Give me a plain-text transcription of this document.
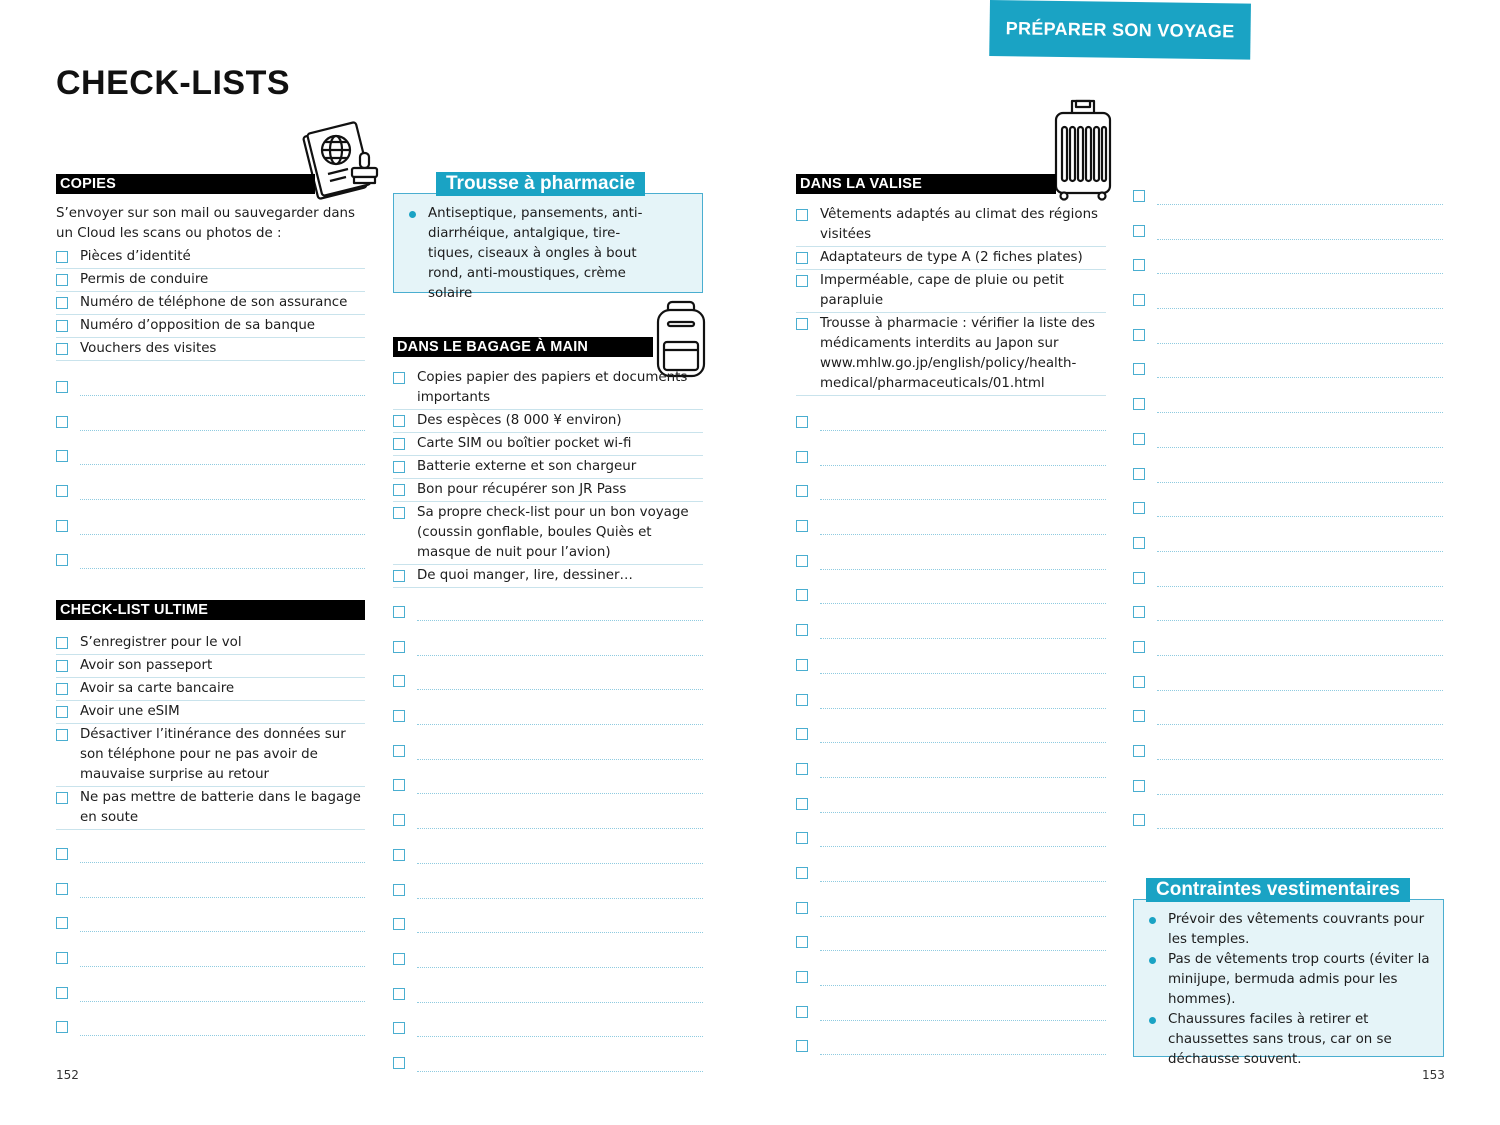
PRÉPARER SON VOYAGE
CHECK-LISTS
COPIES
S’envoyer sur son mail ou sauvegarder dans un Cloud les scans ou photos de :
Pièces d’identité
Permis de conduire
Numéro de téléphone de son assurance
Numéro d’opposition de sa banque
Vouchers des visites
CHECK-LIST ULTIME
S’enregistrer pour le vol
Avoir son passeport
Avoir sa carte bancaire
Avoir une eSIM
Désactiver l’itinérance des données sur son téléphone pour ne pas avoir de mauvaise surprise au retour
Ne pas mettre de batterie dans le bagage en soute
Trousse à pharmacie
Antiseptique, pansements, anti-diarrhéique, antalgique, tire-tiques, ciseaux à ongles à bout rond, anti-moustiques, crème solaire
DANS LE BAGAGE À MAIN
Copies papier des papiers et documents importants
Des espèces (8 000 ¥ environ)
Carte SIM ou boîtier pocket wi-fi
Batterie externe et son chargeur
Bon pour récupérer son JR Pass
Sa propre check-list pour un bon voyage (coussin gonflable, boules Quiès et masque de nuit pour l’avion)
De quoi manger, lire, dessiner…
DANS LA VALISE
Vêtements adaptés au climat des régions visitées
Adaptateurs de type A (2 fiches plates)
Imperméable, cape de pluie ou petit parapluie
Trousse à pharmacie : vérifier la liste des médicaments interdits au Japon sur www.mhlw.go.jp/english/policy/health-medical/pharmaceuticals/01.html
Contraintes vestimentaires
Prévoir des vêtements couvrants pour les temples.
Pas de vêtements trop courts (éviter la minijupe, bermuda admis pour les hommes).
Chaussures faciles à retirer et chaussettes sans trous, car on se déchausse souvent.
152	153
